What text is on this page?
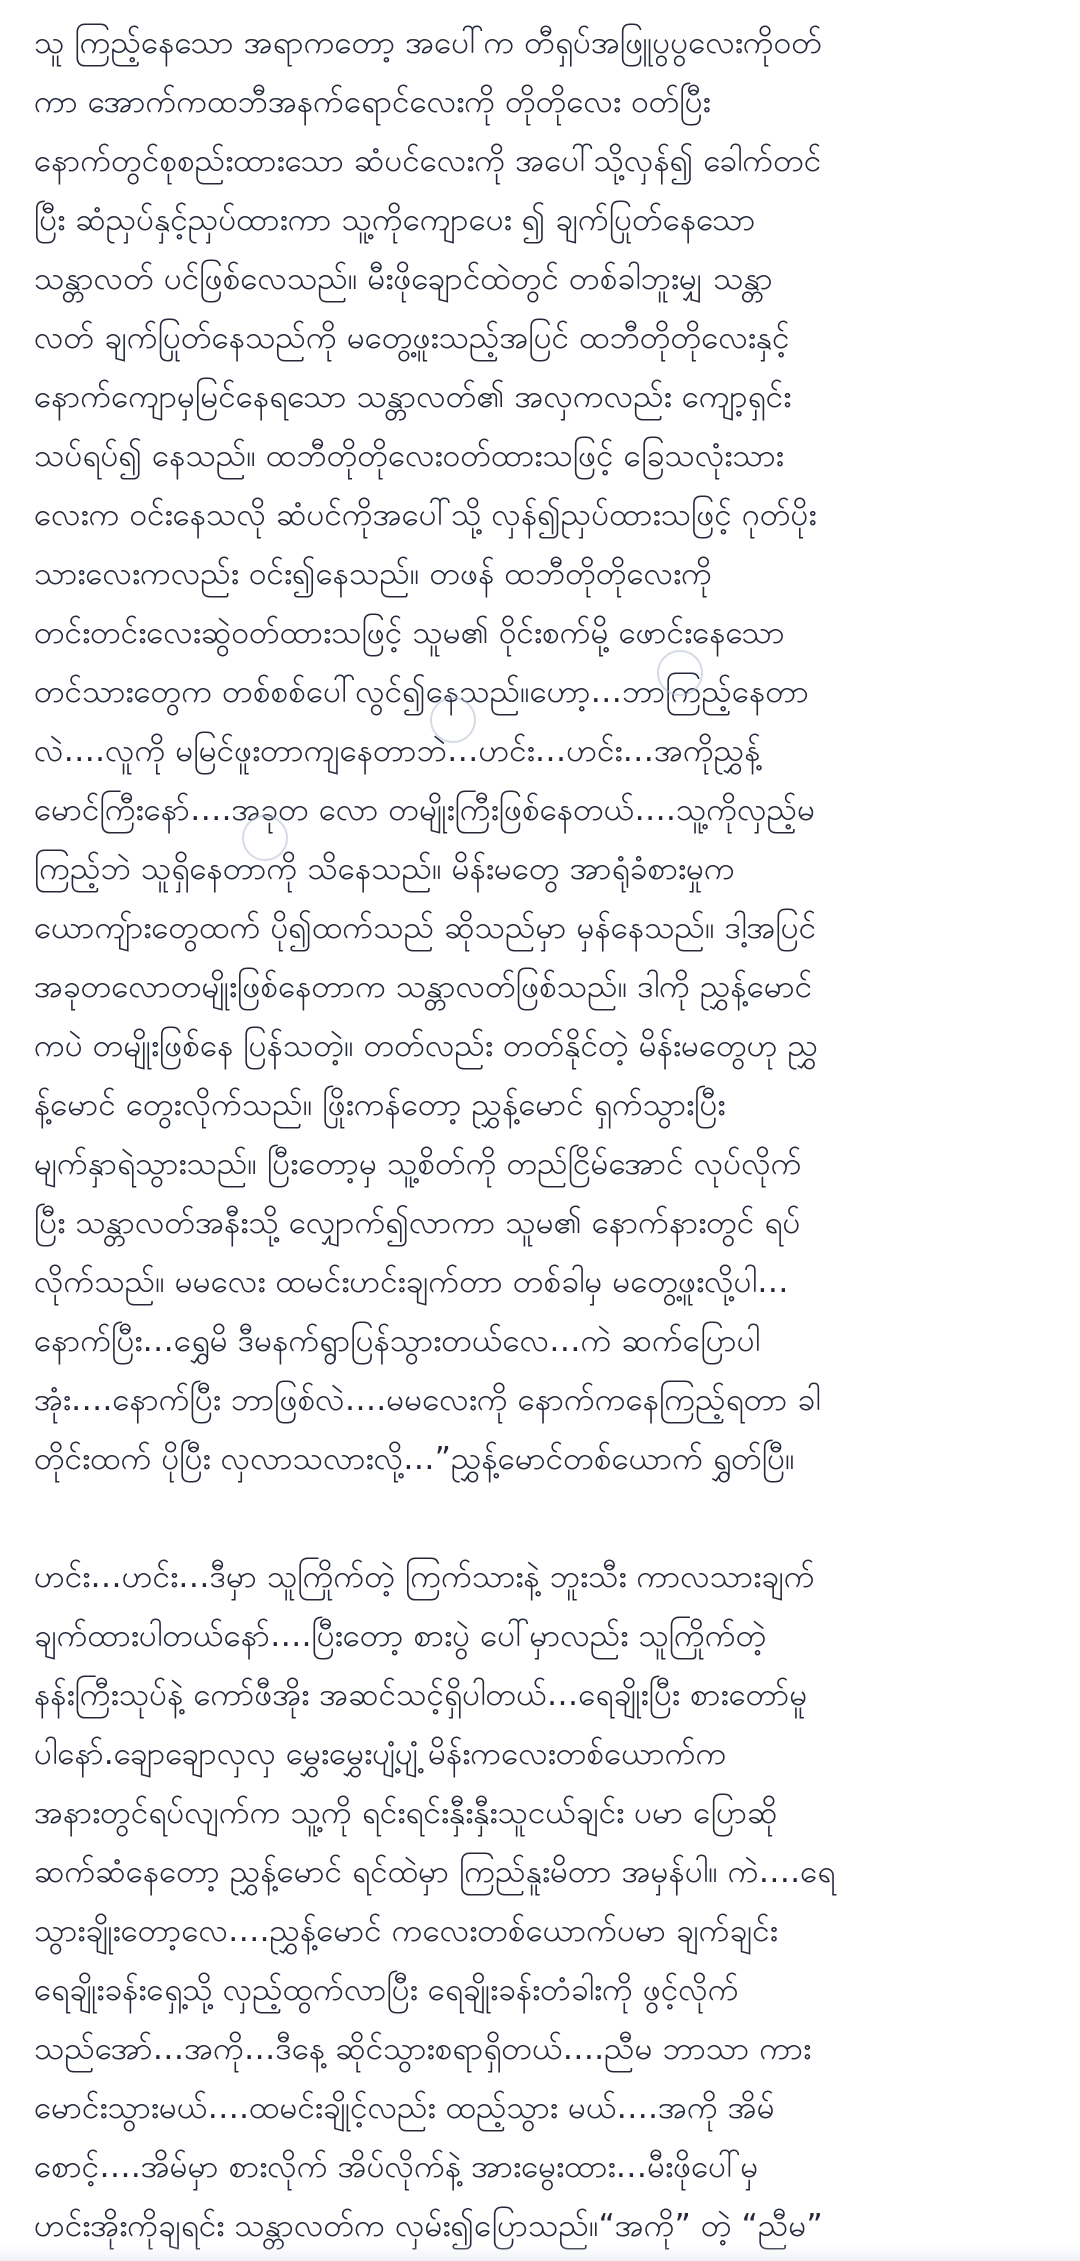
သူ ကြည့်နေသော အရာကတော့ အပေါ်က တီရှပ်အဖြူပွပွလေးကိုဝတ်
ကာ အောက်ကထဘီအနက်ရောင်လေးကို တိုတိုလေး ဝတ်ပြီး
နောက်တွင်စုစည်းထားသော ဆံပင်လေးကို အပေါ်သို့လှန်၍ ခေါက်တင်
ပြီး ဆံညှပ်နှင့်ညှပ်ထားကာ သူ့ကိုကျောပေး ၍ ချက်ပြုတ်နေသော
သန္တာလတ် ပင်ဖြစ်လေသည်။ မီးဖိုချောင်ထဲတွင် တစ်ခါဘူးမျှ သန္တာ
လတ် ချက်ပြုတ်နေသည်ကို မတွေ့ဖူးသည့်အပြင် ထဘီတိုတိုလေးနှင့်
နောက်ကျောမှမြင်နေရသော သန္တာလတ်၏ အလှကလည်း ကျော့ရှင်း
သပ်ရပ်၍ နေသည်။ ထဘီတိုတိုလေးဝတ်ထားသဖြင့် ခြေသလုံးသား
လေးက ဝင်းနေသလို ဆံပင်ကိုအပေါ်သို့ လှန်၍ညှပ်ထားသဖြင့် ဂုတ်ပိုး
သားလေးကလည်း ဝင်း၍နေသည်။ တဖန် ထဘီတိုတိုလေးကို
တင်းတင်းလေးဆွဲဝတ်ထားသဖြင့် သူမ၏ ဝိုင်းစက်မို့ ဖောင်းနေသော
တင်သားတွေက တစ်စစ်ပေါ်လွင်၍နေသည်။ဟော့…ဘာကြည့်နေတာ
လဲ….လူကို မမြင်ဖူးတာကျနေတာဘဲ…ဟင်း…ဟင်း…အကိုညွှန့်
မောင်ကြီးနော်….အခုတ လော တမျိုးကြီးဖြစ်နေတယ်….သူ့ကိုလှည့်မ
ကြည့်ဘဲ သူရှိနေတာကို သိနေသည်။ မိန်းမတွေ အာရုံခံစားမှုက
ယောကျ်ားတွေထက် ပို၍ထက်သည် ဆိုသည်မှာ မှန်နေသည်။ ဒါ့အပြင်
အခုတလောတမျိုးဖြစ်နေတာက သန္တာလတ်ဖြစ်သည်။ ဒါကို ညွှန့်မောင်
ကပဲ တမျိုးဖြစ်နေ ပြန်သတဲ့။ တတ်လည်း တတ်နိုင်တဲ့ မိန်းမတွေဟု ညွှ
န့်မောင် တွေးလိုက်သည်။ ဖြိုးကန်တော့ ညွှန့်မောင် ရှက်သွားပြီး
မျက်နှာရဲသွားသည်။ ပြီးတော့မှ သူ့စိတ်ကို တည်ငြိမ်အောင် လုပ်လိုက်
ပြီး သန္တာလတ်အနီးသို့ လျှောက်၍လာကာ သူမ၏ နောက်နားတွင် ရပ်
လိုက်သည်။ မမလေး ထမင်းဟင်းချက်တာ တစ်ခါမှ မတွေ့ဖူးလို့ပါ…
နောက်ပြီး…ရွှေမိ ဒီမနက်ရွာပြန်သွားတယ်လေ…ကဲ ဆက်ပြောပါ
အုံး….နောက်ပြီး ဘာဖြစ်လဲ….မမလေးကို နောက်ကနေကြည့်ရတာ ခါ
တိုင်းထက် ပိုပြီး လှလာသလားလို့…”ညွှန့်မောင်တစ်ယောက် ရွှတ်ပြီ။
ဟင်း…ဟင်း…ဒီမှာ သူကြိုက်တဲ့ ကြက်သားနဲ့ ဘူးသီး ကာလသားချက်
ချက်ထားပါတယ်နော်….ပြီးတော့ စားပွဲ ပေါ်မှာလည်း သူကြိုက်တဲ့
နန်းကြီးသုပ်နဲ့ ကော်ဖီအိုး အဆင်သင့်ရှိပါတယ်…ရေချိုးပြီး စားတော်မူ
ပါနော်.ချောချောလှလှ မွှေးမွှေးပျံ့ပျံ့ မိန်းကလေးတစ်ယောက်က
အနားတွင်ရပ်လျက်က သူ့ကို ရင်းရင်းနှီးနှီးသူငယ်ချင်း ပမာ ပြောဆို
ဆက်ဆံနေတော့ ညွှန့်မောင် ရင်ထဲမှာ ကြည်နူးမိတာ အမှန်ပါ။ ကဲ….ရေ
သွားချိုးတော့လေ….ညွှန့်မောင် ကလေးတစ်ယောက်ပမာ ချက်ချင်း
ရေချိုးခန်းရှေ့သို့ လှည့်ထွက်လာပြီး ရေချိုးခန်းတံခါးကို ဖွင့်လိုက်
သည်အော်…အကို…ဒီနေ့ ဆိုင်သွားစရာရှိတယ်….ညီမ ဘာသာ ကား
မောင်းသွားမယ်….ထမင်းချိုင့်လည်း ထည့်သွား မယ်….အကို အိမ်
စောင့်….အိမ်မှာ စားလိုက် အိပ်လိုက်နဲ့ အားမွေးထား…မီးဖိုပေါ်မှ
ဟင်းအိုးကိုချရင်း သန္တာလတ်က လှမ်း၍ပြောသည်။“အကို” တဲ့ “ညီမ”
